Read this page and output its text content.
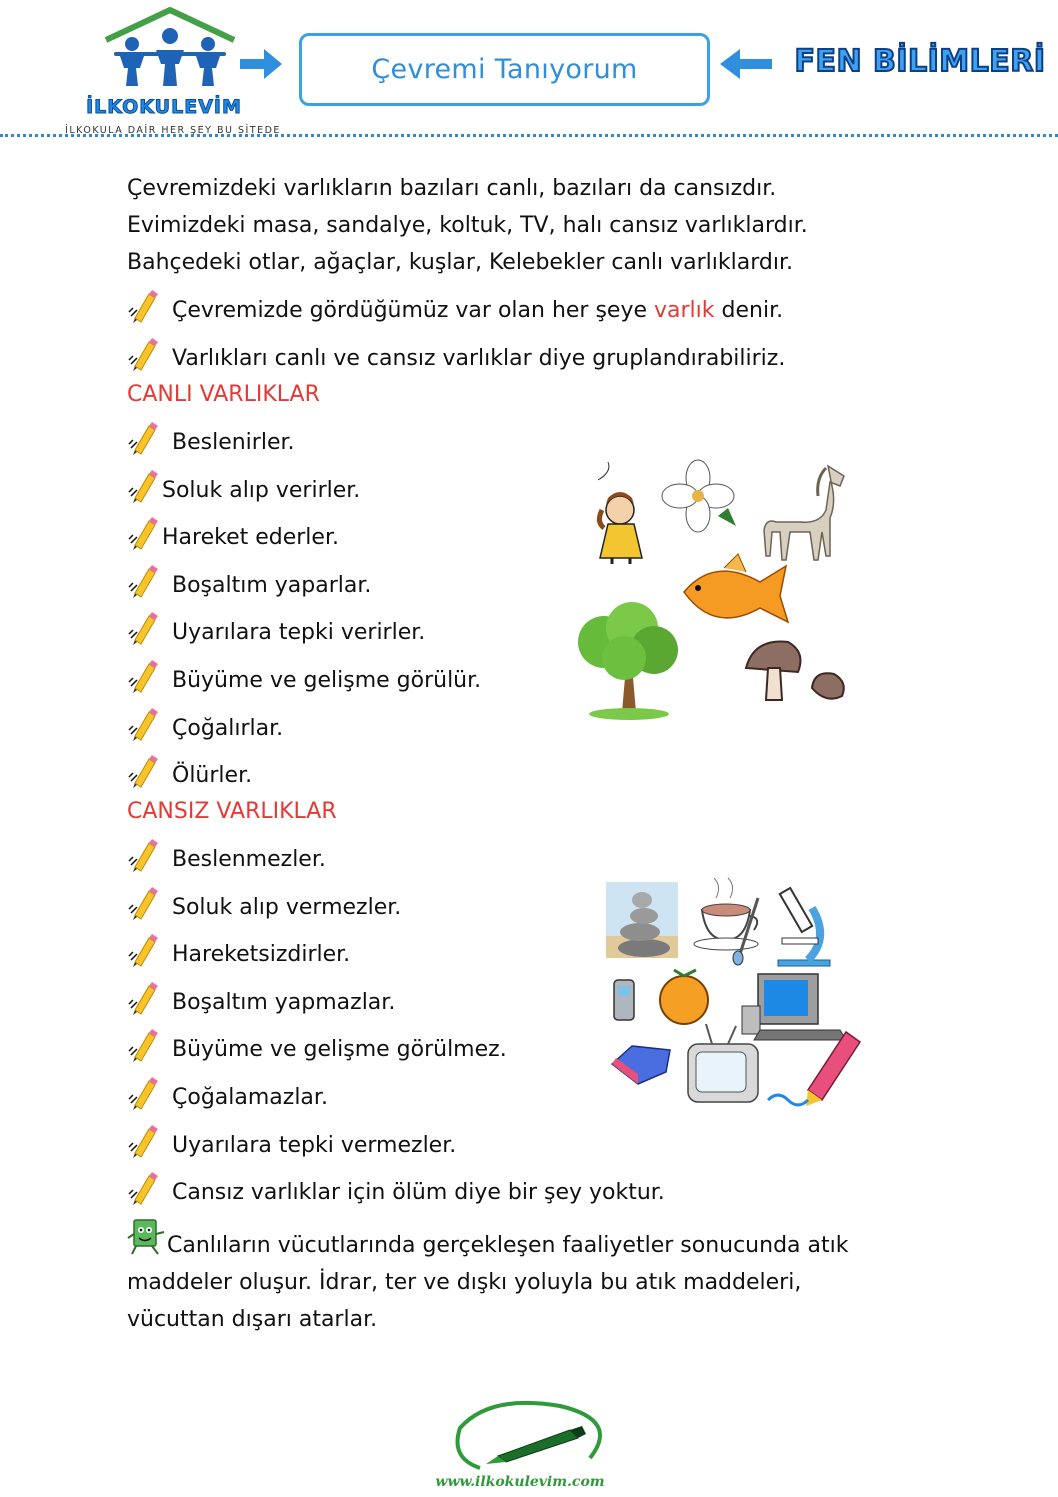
İLKOKULEVİM
İLKOKULA DAİR HER ŞEY BU SİTEDE
Çevremi Tanıyorum	FEN BİLİMLERİ
Çevremizdeki varlıkların bazıları canlı, bazıları da cansızdır.
Evimizdeki masa, sandalye, koltuk, TV, halı cansız varlıklardır.
Bahçedeki otlar, ağaçlar, kuşlar, Kelebekler canlı varlıklardır.
Çevremizde gördüğümüz var olan her şeye varlık denir.
Varlıkları canlı ve cansız varlıklar diye gruplandırabiliriz.
CANLI VARLIKLAR
Beslenirler.
Soluk alıp verirler.
Hareket ederler.
Boşaltım yaparlar.
Uyarılara tepki verirler.
Büyüme ve gelişme görülür.
Çoğalırlar.
Ölürler.
CANSIZ VARLIKLAR
Beslenmezler.
Soluk alıp vermezler.
Hareketsizdirler.
Boşaltım yapmazlar.
Büyüme ve gelişme görülmez.
Çoğalamazlar.
Uyarılara tepki vermezler.
Cansız varlıklar için ölüm diye bir şey yoktur.
Canlıların vücutlarında gerçekleşen faaliyetler sonucunda atık
maddeler oluşur. İdrar, ter ve dışkı yoluyla bu atık maddeleri,
vücuttan dışarı atarlar.
www.ilkokulevim.com
